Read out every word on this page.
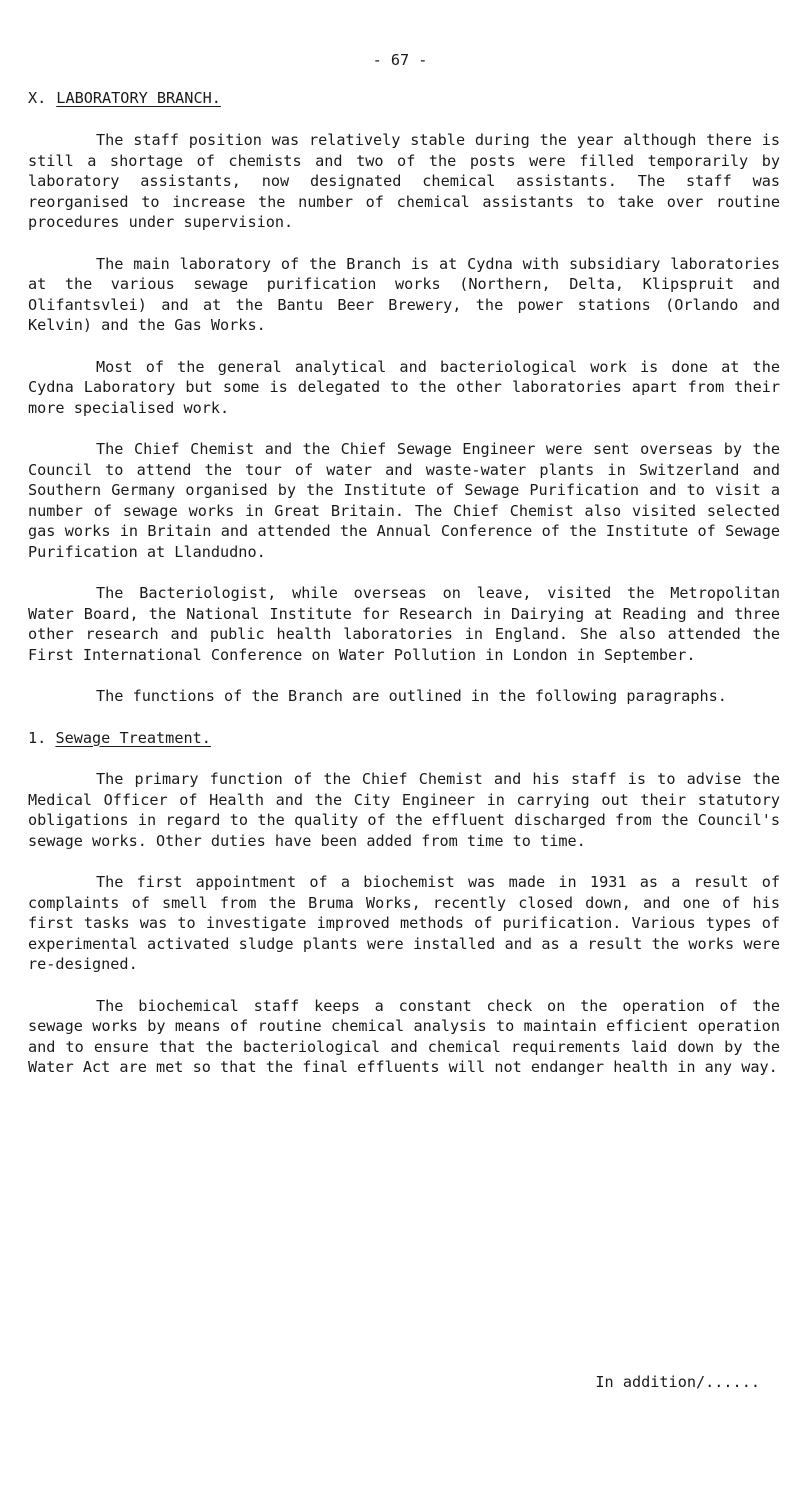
- 67 -
X. LABORATORY BRANCH.

The staff position was relatively stable during the year although there is still a shortage of chemists and two of the posts were filled temporarily by laboratory assistants, now designated chemical assistants. The staff was reorganised to increase the number of chemical assistants to take over routine procedures under supervision.

The main laboratory of the Branch is at Cydna with subsidiary laboratories at the various sewage purification works (Northern, Delta, Klipspruit and Olifantsvlei) and at the Bantu Beer Brewery, the power stations (Orlando and Kelvin) and the Gas Works.

Most of the general analytical and bacteriological work is done at the Cydna Laboratory but some is delegated to the other laboratories apart from their more specialised work.

The Chief Chemist and the Chief Sewage Engineer were sent overseas by the Council to attend the tour of water and waste-water plants in Switzerland and Southern Germany organised by the Institute of Sewage Purification and to visit a number of sewage works in Great Britain. The Chief Chemist also visited selected gas works in Britain and attended the Annual Conference of the Institute of Sewage Purification at Llandudno.

The Bacteriologist, while overseas on leave, visited the Metropolitan Water Board, the National Institute for Research in Dairying at Reading and three other research and public health laboratories in England. She also attended the First International Conference on Water Pollution in London in September.

The functions of the Branch are outlined in the following paragraphs.

1. Sewage Treatment.

The primary function of the Chief Chemist and his staff is to advise the Medical Officer of Health and the City Engineer in carrying out their statutory obligations in regard to the quality of the effluent discharged from the Council's sewage works. Other duties have been added from time to time.

The first appointment of a biochemist was made in 1931 as a result of complaints of smell from the Bruma Works, recently closed down, and one of his first tasks was to investigate improved methods of purification. Various types of experimental activated sludge plants were installed and as a result the works were re-designed.

The biochemical staff keeps a constant check on the operation of the sewage works by means of routine chemical analysis to maintain efficient operation and to ensure that the bacteriological and chemical requirements laid down by the Water Act are met so that the final effluents will not endanger health in any way.

In addition/......
